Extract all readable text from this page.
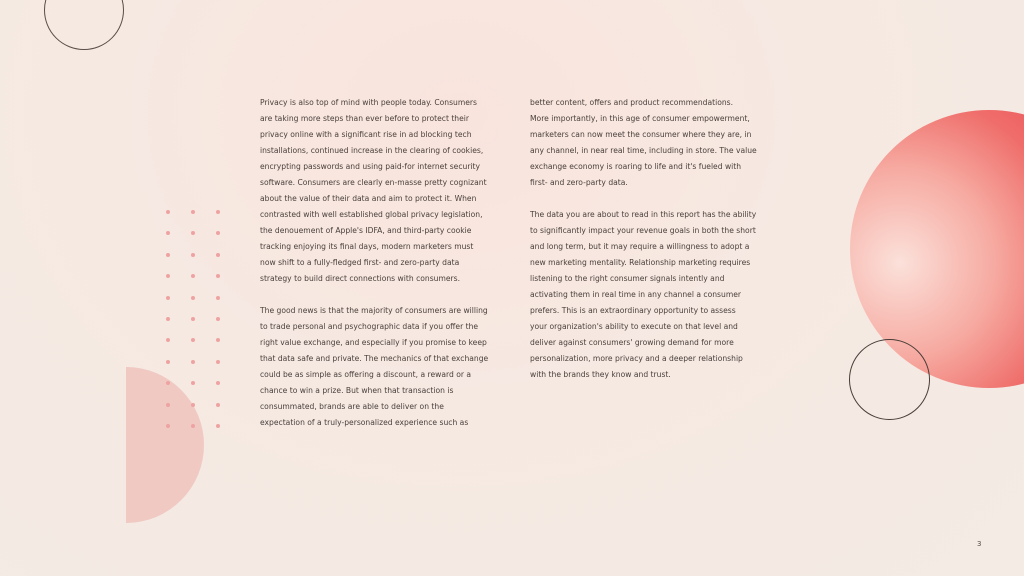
Privacy is also top of mind with people today. Consumers
are taking more steps than ever before to protect their
privacy online with a significant rise in ad blocking tech
installations, continued increase in the clearing of cookies,
encrypting passwords and using paid-for internet security
software. Consumers are clearly en-masse pretty cognizant
about the value of their data and aim to protect it. When
contrasted with well established global privacy legislation,
the denouement of Apple's IDFA, and third-party cookie
tracking enjoying its final days, modern marketers must
now shift to a fully-fledged first- and zero-party data
strategy to build direct connections with consumers.

The good news is that the majority of consumers are willing
to trade personal and psychographic data if you offer the
right value exchange, and especially if you promise to keep
that data safe and private. The mechanics of that exchange
could be as simple as offering a discount, a reward or a
chance to win a prize. But when that transaction is
consummated, brands are able to deliver on the
expectation of a truly-personalized experience such as

better content, offers and product recommendations.
More importantly, in this age of consumer empowerment,
marketers can now meet the consumer where they are, in
any channel, in near real time, including in store. The value
exchange economy is roaring to life and it's fueled with
first- and zero-party data.

The data you are about to read in this report has the ability
to significantly impact your revenue goals in both the short
and long term, but it may require a willingness to adopt a
new marketing mentality. Relationship marketing requires
listening to the right consumer signals intently and
activating them in real time in any channel a consumer
prefers. This is an extraordinary opportunity to assess
your organization's ability to execute on that level and
deliver against consumers' growing demand for more
personalization, more privacy and a deeper relationship
with the brands they know and trust.

3
